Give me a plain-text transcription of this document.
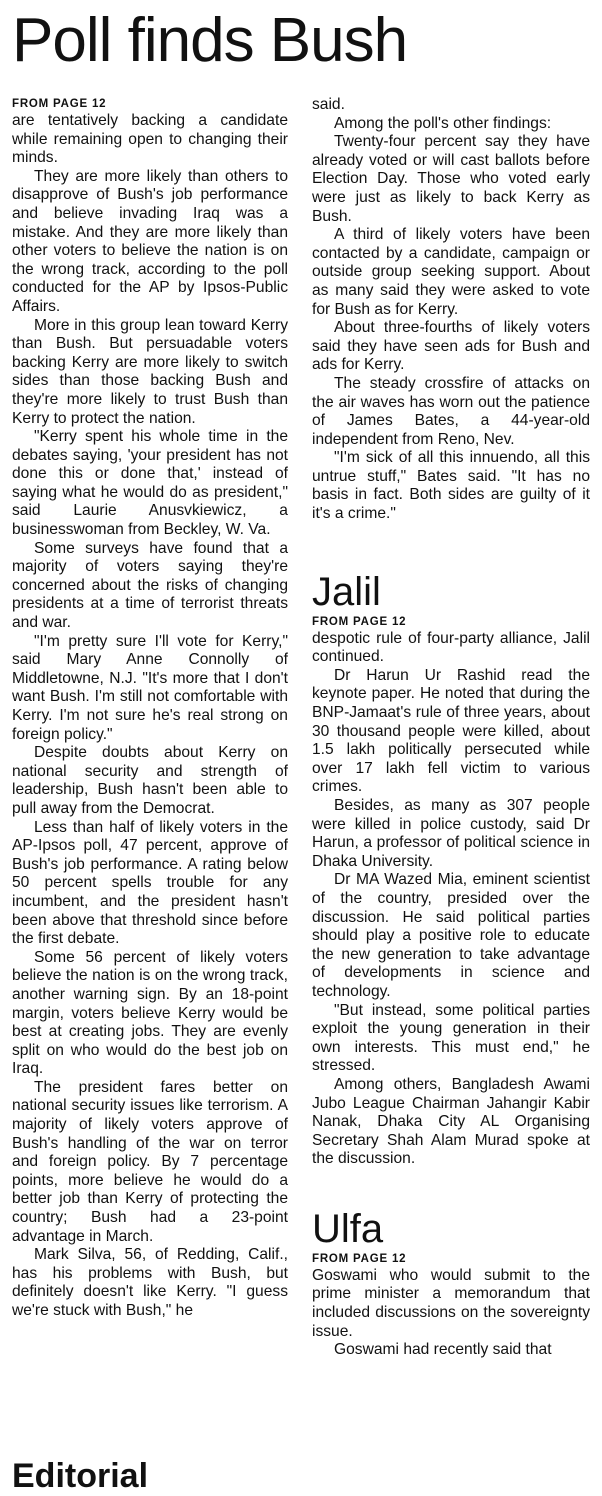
Poll finds Bush
FROM PAGE 12

are tentatively backing a candidate while remaining open to changing their minds.

They are more likely than others to disapprove of Bush's job performance and believe invading Iraq was a mistake. And they are more likely than other voters to believe the nation is on the wrong track, according to the poll conducted for the AP by Ipsos-Public Affairs.

More in this group lean toward Kerry than Bush. But persuadable voters backing Kerry are more likely to switch sides than those backing Bush and they're more likely to trust Bush than Kerry to protect the nation.

"Kerry spent his whole time in the debates saying, 'your president has not done this or done that,' instead of saying what he would do as president," said Laurie Anusvkiewicz, a businesswoman from Beckley, W. Va.

Some surveys have found that a majority of voters saying they're concerned about the risks of changing presidents at a time of terrorist threats and war.

"I'm pretty sure I'll vote for Kerry," said Mary Anne Connolly of Middletowne, N.J. "It's more that I don't want Bush. I'm still not comfortable with Kerry. I'm not sure he's real strong on foreign policy."

Despite doubts about Kerry on national security and strength of leadership, Bush hasn't been able to pull away from the Democrat.

Less than half of likely voters in the AP-Ipsos poll, 47 percent, approve of Bush's job performance. A rating below 50 percent spells trouble for any incumbent, and the president hasn't been above that threshold since before the first debate.

Some 56 percent of likely voters believe the nation is on the wrong track, another warning sign. By an 18-point margin, voters believe Kerry would be best at creating jobs. They are evenly split on who would do the best job on Iraq.

The president fares better on national security issues like terrorism. A majority of likely voters approve of Bush's handling of the war on terror and foreign policy. By 7 percentage points, more believe he would do a better job than Kerry of protecting the country; Bush had a 23-point advantage in March.

Mark Silva, 56, of Redding, Calif., has his problems with Bush, but definitely doesn't like Kerry. "I guess we're stuck with Bush," he

said.

Among the poll's other findings:

Twenty-four percent say they have already voted or will cast ballots before Election Day. Those who voted early were just as likely to back Kerry as Bush.

A third of likely voters have been contacted by a candidate, campaign or outside group seeking support. About as many said they were asked to vote for Bush as for Kerry.

About three-fourths of likely voters said they have seen ads for Bush and ads for Kerry.

The steady crossfire of attacks on the air waves has worn out the patience of James Bates, a 44-year-old independent from Reno, Nev.

"I'm sick of all this innuendo, all this untrue stuff," Bates said. "It has no basis in fact. Both sides are guilty of it it's a crime."

Jalil
FROM PAGE 12

despotic rule of four-party alliance, Jalil continued.

Dr Harun Ur Rashid read the keynote paper. He noted that during the BNP-Jamaat's rule of three years, about 30 thousand people were killed, about 1.5 lakh politically persecuted while over 17 lakh fell victim to various crimes.

Besides, as many as 307 people were killed in police custody, said Dr Harun, a professor of political science in Dhaka University.

Dr MA Wazed Mia, eminent scientist of the country, presided over the discussion. He said political parties should play a positive role to educate the new generation to take advantage of developments in science and technology.

"But instead, some political parties exploit the young generation in their own interests. This must end," he stressed.

Among others, Bangladesh Awami Jubo League Chairman Jahangir Kabir Nanak, Dhaka City AL Organising Secretary Shah Alam Murad spoke at the discussion.

Ulfa
FROM PAGE 12

Goswami who would submit to the prime minister a memorandum that included discussions on the sovereignty issue.

Goswami had recently said that

Editorial
